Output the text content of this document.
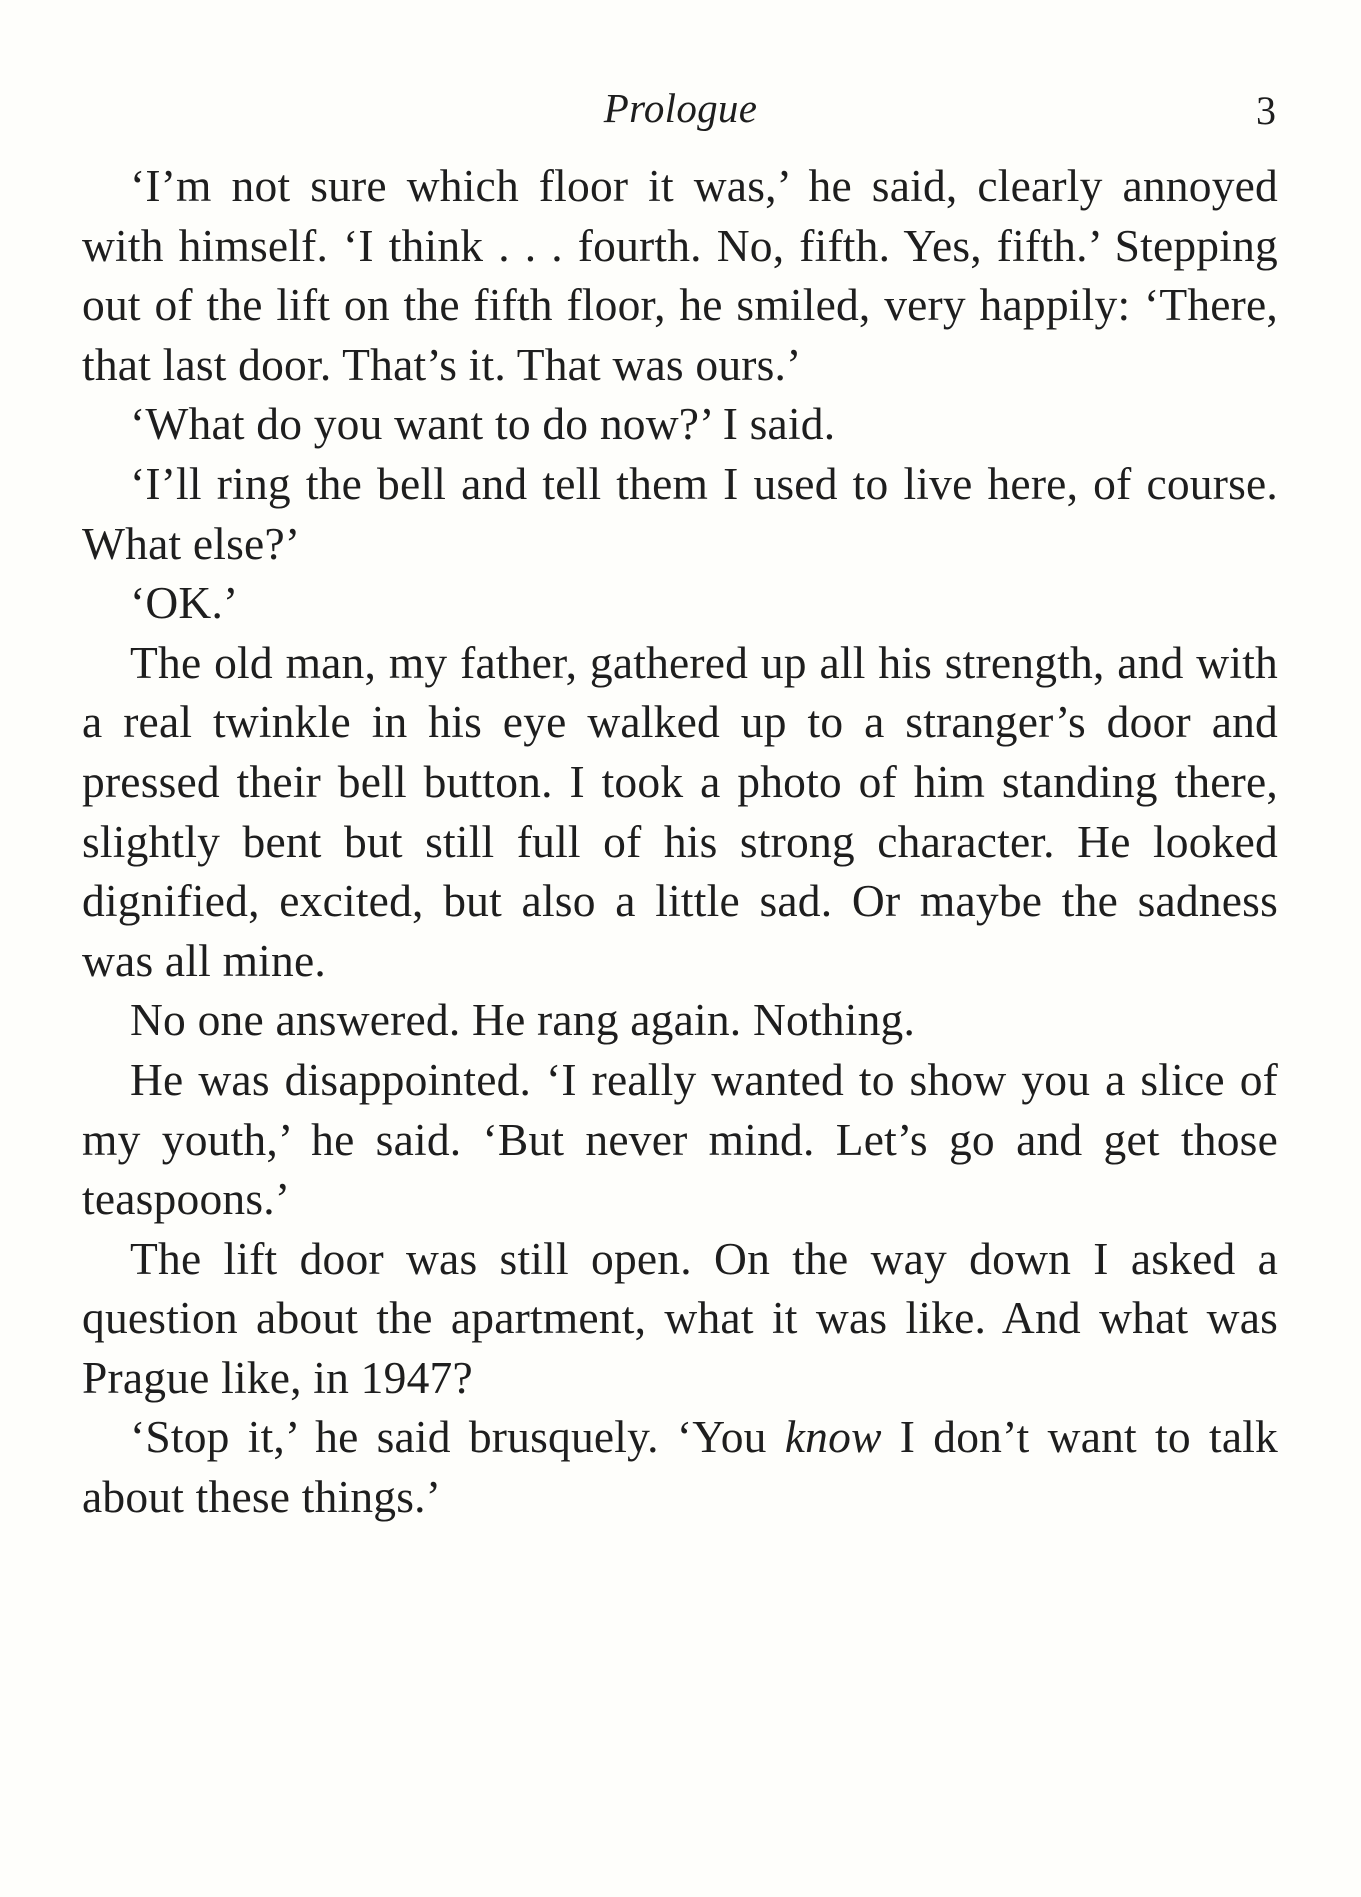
Prologue	3

‘I’m not sure which floor it was,’ he said, clearly annoyed with himself. ‘I think . . . fourth. No, fifth. Yes, fifth.’ Stepping out of the lift on the fifth floor, he smiled, very happily: ‘There, that last door. That’s it. That was ours.’

‘What do you want to do now?’ I said.

‘I’ll ring the bell and tell them I used to live here, of course. What else?’

‘OK.’

The old man, my father, gathered up all his strength, and with a real twinkle in his eye walked up to a stranger’s door and pressed their bell button. I took a photo of him standing there, slightly bent but still full of his strong character. He looked dignified, excited, but also a little sad. Or maybe the sadness was all mine.

No one answered. He rang again. Nothing.

He was disappointed. ‘I really wanted to show you a slice of my youth,’ he said. ‘But never mind. Let’s go and get those teaspoons.’

The lift door was still open. On the way down I asked a question about the apartment, what it was like. And what was Prague like, in 1947?

‘Stop it,’ he said brusquely. ‘You know I don’t want to talk about these things.’
